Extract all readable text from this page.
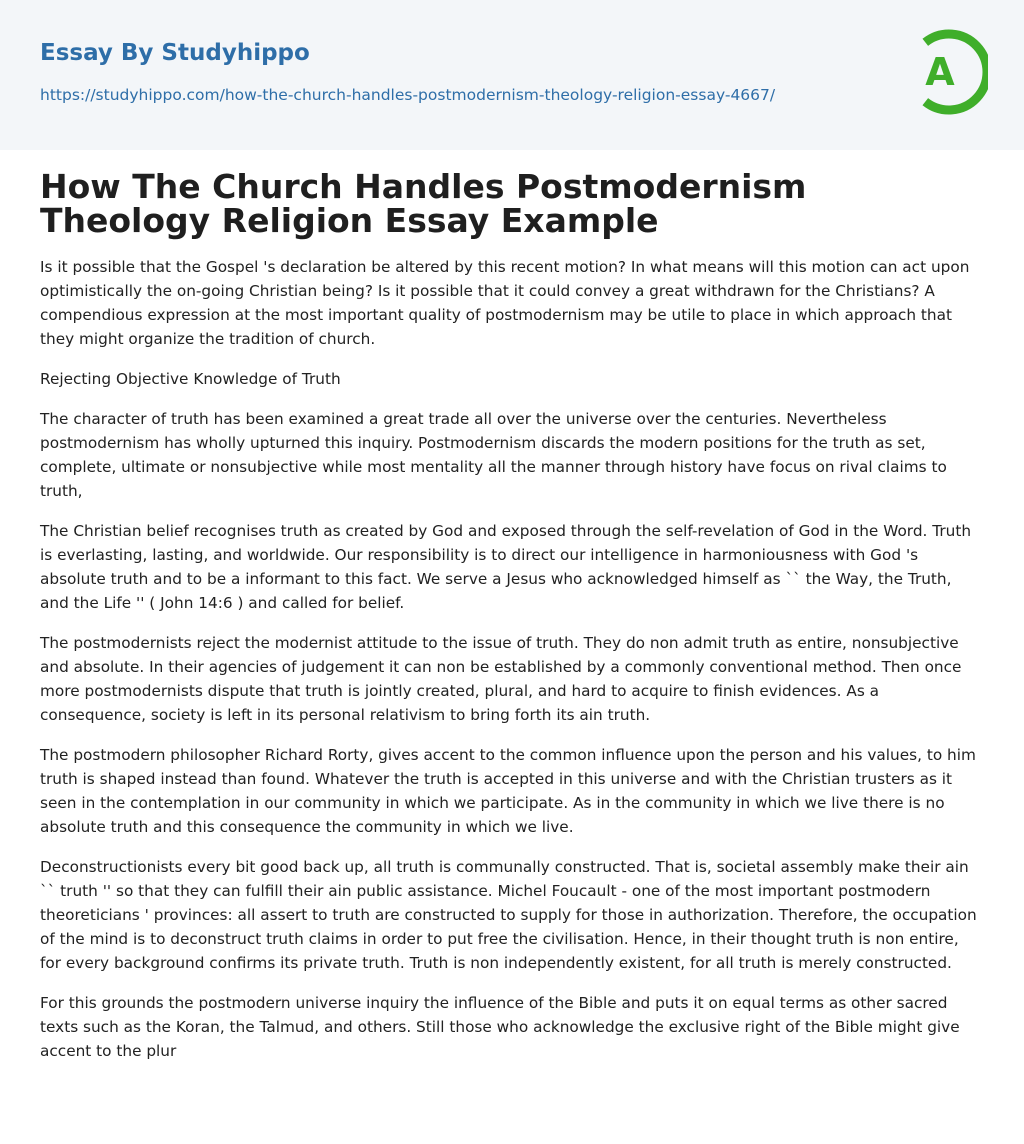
Essay By Studyhippo
https://studyhippo.com/how-the-church-handles-postmodernism-theology-religion-essay-4667/
A
How The Church Handles Postmodernism Theology Religion Essay Example

Is it possible that the Gospel 's declaration be altered by this recent motion? In what means will this motion can act upon optimistically the on-going Christian being? Is it possible that it could convey a great withdrawn for the Christians? A compendious expression at the most important quality of postmodernism may be utile to place in which approach that they might organize the tradition of church.

Rejecting Objective Knowledge of Truth

The character of truth has been examined a great trade all over the universe over the centuries. Nevertheless postmodernism has wholly upturned this inquiry. Postmodernism discards the modern positions for the truth as set, complete, ultimate or nonsubjective while most mentality all the manner through history have focus on rival claims to truth,

The Christian belief recognises truth as created by God and exposed through the self-revelation of God in the Word. Truth is everlasting, lasting, and worldwide. Our responsibility is to direct our intelligence in harmoniousness with God 's absolute truth and to be a informant to this fact. We serve a Jesus who acknowledged himself as `` the Way, the Truth, and the Life '' ( John 14:6 ) and called for belief.

The postmodernists reject the modernist attitude to the issue of truth. They do non admit truth as entire, nonsubjective and absolute. In their agencies of judgement it can non be established by a commonly conventional method. Then once more postmodernists dispute that truth is jointly created, plural, and hard to acquire to finish evidences. As a consequence, society is left in its personal relativism to bring forth its ain truth.

The postmodern philosopher Richard Rorty, gives accent to the common influence upon the person and his values, to him truth is shaped instead than found. Whatever the truth is accepted in this universe and with the Christian trusters as it seen in the contemplation in our community in which we participate. As in the community in which we live there is no absolute truth and this consequence the community in which we live.

Deconstructionists every bit good back up, all truth is communally constructed. That is, societal assembly make their ain `` truth '' so that they can fulfill their ain public assistance. Michel Foucault - one of the most important postmodern theoreticians ' provinces: all assert to truth are constructed to supply for those in authorization. Therefore, the occupation of the mind is to deconstruct truth claims in order to put free the civilisation. Hence, in their thought truth is non entire, for every background confirms its private truth. Truth is non independently existent, for all truth is merely constructed.

For this grounds the postmodern universe inquiry the influence of the Bible and puts it on equal terms as other sacred texts such as the Koran, the Talmud, and others. Still those who acknowledge the exclusive right of the Bible might give accent to the plur
